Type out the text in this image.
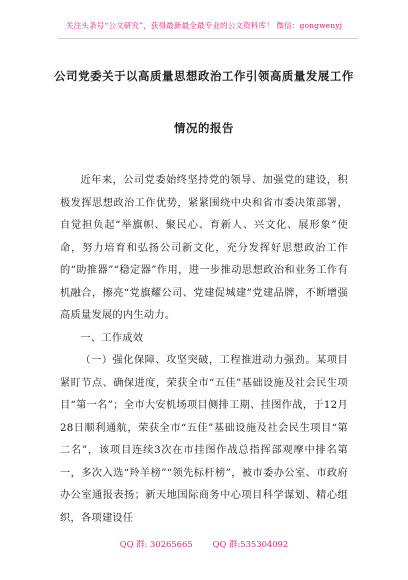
关注头条号“公文研究”，获得最新最全最专业的公文资料库！ 微信：gongwenyj
公司党委关于以高质量思想政治工作引领高质量发展工作
情况的报告

近年来，公司党委始终坚持党的领导、加强党的建设，积极发挥思想政治工作优势，紧紧围绕中央和省市委决策部署，自觉担负起“举旗帜、聚民心、育新人、兴文化、展形象”使命，努力培育和弘扬公司新文化，充分发挥好思想政治工作的“助推器”“稳定器”作用，进一步推动思想政治和业务工作有机融合，擦亮“党旗耀公司、党建促城建”党建品牌，不断增强高质量发展的内生动力。

一、工作成效

（一）强化保障、攻坚突破，工程推进动力强劲。某项目紧盯节点、确保进度，荣获全市“五佳”基础设施及社会民生项目“第一名”；全市大安机场项目侧排工期、挂图作战，于12月28日顺利通航，荣获全市“五佳”基础设施及社会民生项目“第二名”，该项目连续3次在市挂图作战总指挥部观摩中排名第一，多次入选“羚羊榜”“领先标杆榜”，被市委办公室、市政府办公室通报表扬；新天地国际商务中心项目科学谋划、精心组织，各项建设任

QQ 群: 30265665 QQ 群:535304092
